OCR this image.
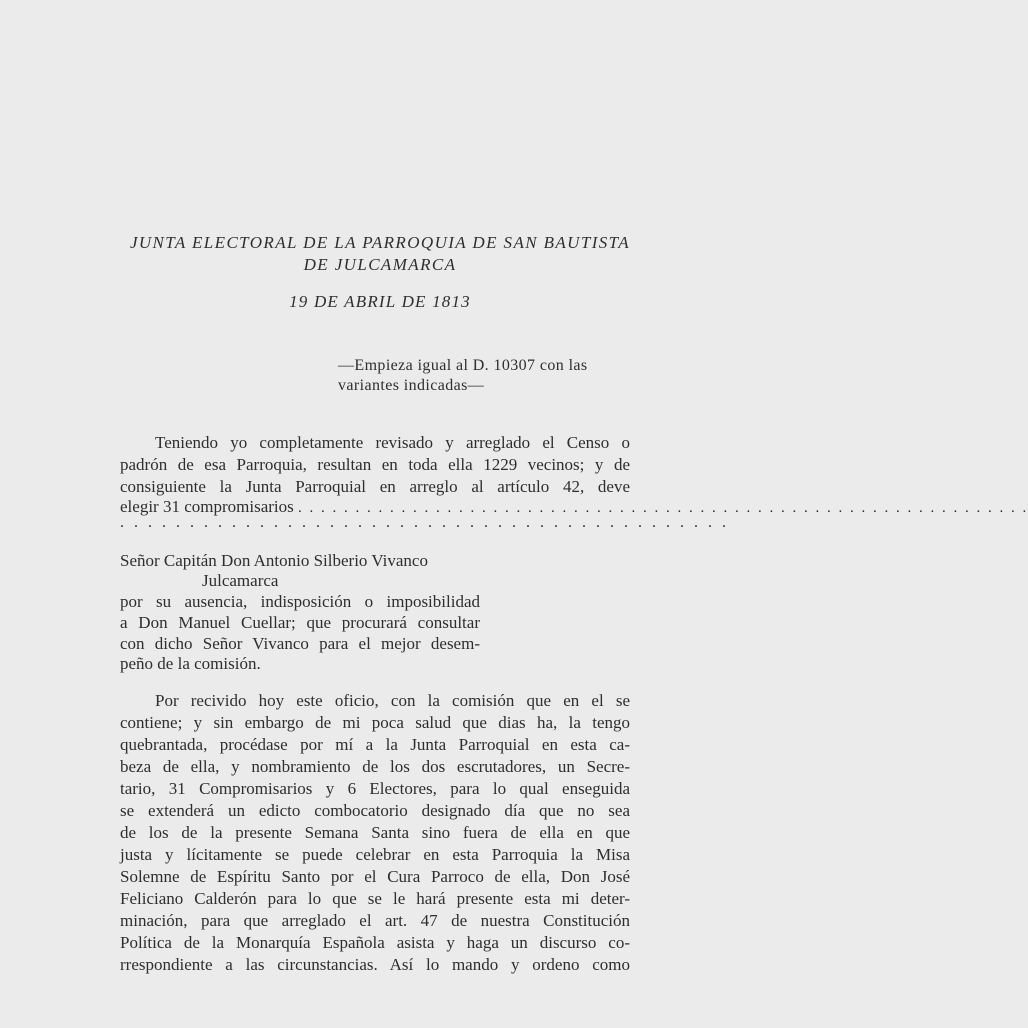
JUNTA ELECTORAL DE LA PARROQUIA DE SAN BAUTISTA
DE JULCAMARCA
19 DE ABRIL DE 1813
—Empieza igual al D. 10307 con las
variantes indicadas—
Teniendo yo completamente revisado y arreglado el Censo o
padrón de esa Parroquia, resultan en toda ella 1229 vecinos; y de
consiguiente la Junta Parroquial en arreglo al artículo 42, deve
elegir 31 compromisarios . . . . . . . . . . . . . . . . . . . . . . . . . . . . . . . . . . . . . . . . . . . . . . . . . . . . . . . . . . . . . . . .
. . . . . . . . . . . . . . . . . . . . . . . . . . . . . . . . . . . . . . . . . . . .
Señor Capitán Don Antonio Silberio Vivanco
Julcamarca
por su ausencia, indisposición o imposibilidad
a Don Manuel Cuellar; que procurará consultar
con dicho Señor Vivanco para el mejor desem-
peño de la comisión.
Por recivido hoy este oficio, con la comisión que en el se
contiene; y sin embargo de mi poca salud que dias ha, la tengo
quebrantada, procédase por mí a la Junta Parroquial en esta ca-
beza de ella, y nombramiento de los dos escrutadores, un Secre-
tario, 31 Compromisarios y 6 Electores, para lo qual enseguida
se extenderá un edicto combocatorio designado día que no sea
de los de la presente Semana Santa sino fuera de ella en que
justa y lícitamente se puede celebrar en esta Parroquia la Misa
Solemne de Espíritu Santo por el Cura Parroco de ella, Don José
Feliciano Calderón para lo que se le hará presente esta mi deter-
minación, para que arreglado el art. 47 de nuestra Constitución
Política de la Monarquía Española asista y haga un discurso co-
rrespondiente a las circunstancias. Así lo mando y ordeno como
